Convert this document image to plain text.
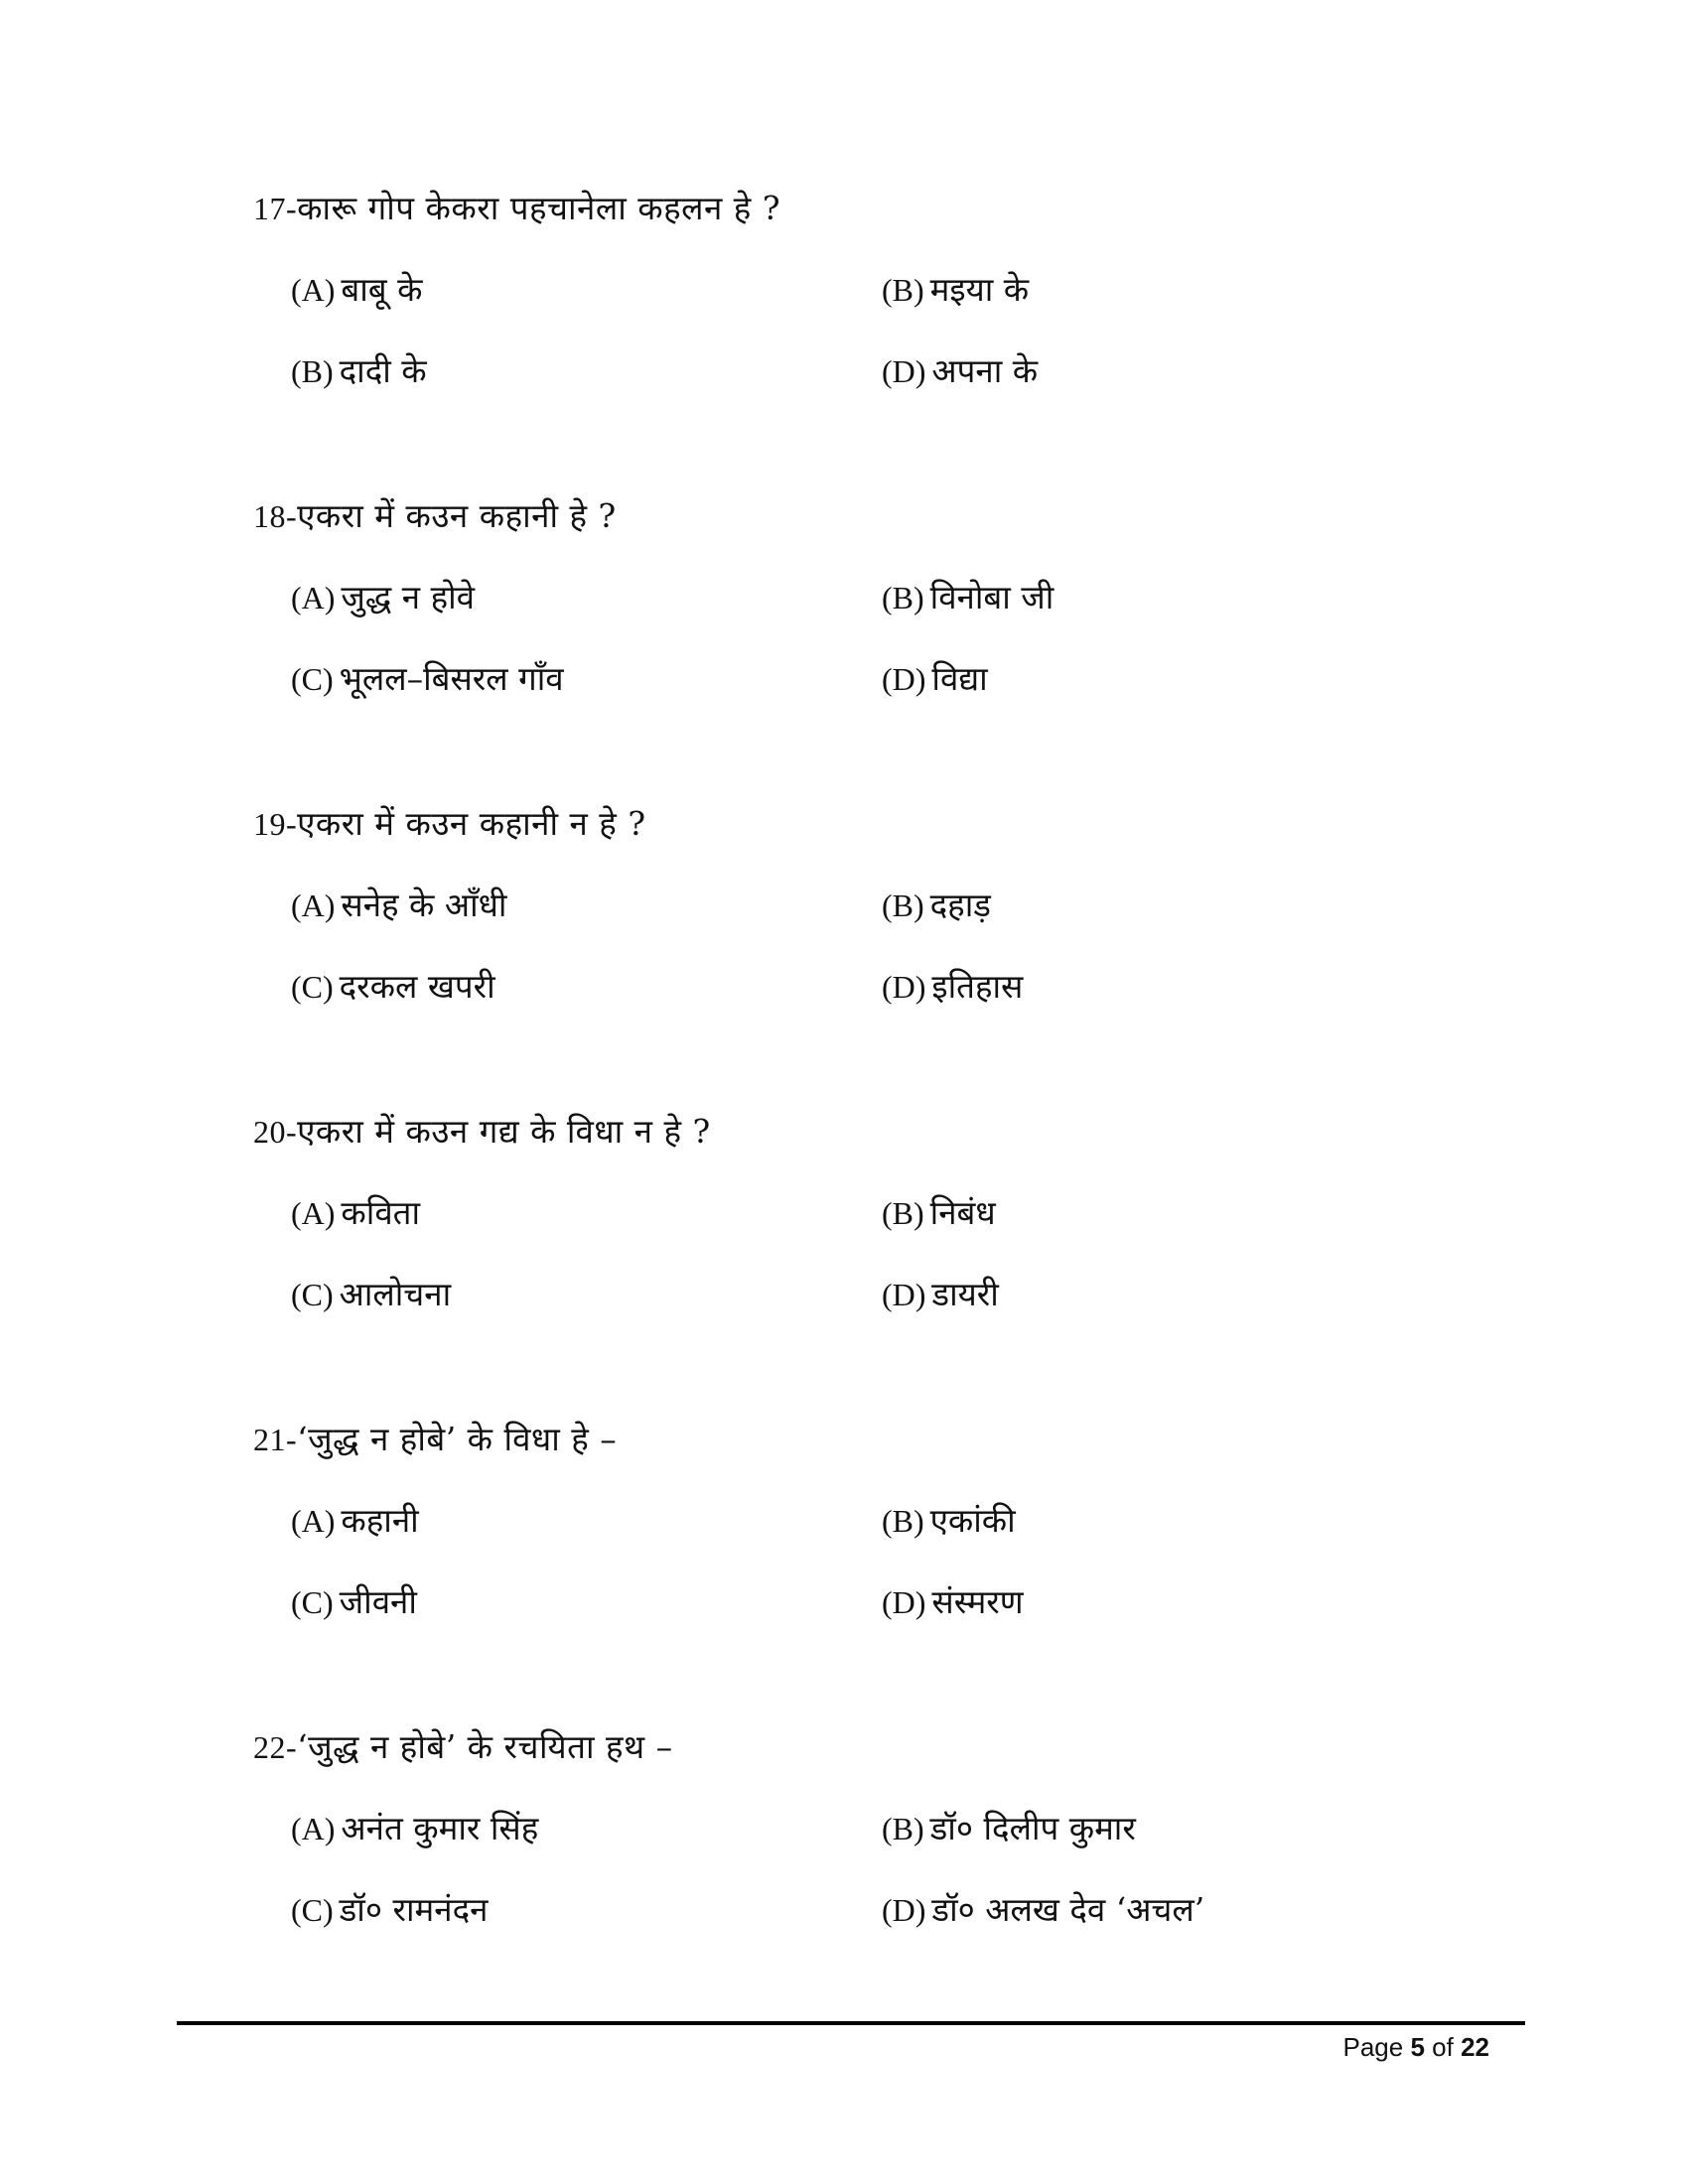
17-कारू गोप केकरा पहचानेला कहलन हे ?
(A) बाबू के	(B) मइया के
(B) दादी के	(D) अपना के
18-एकरा में कउन कहानी हे ?
(A) जुद्ध न होवे	(B) विनोबा जी
(C) भूलल–बिसरल गाँव	(D) विद्या
19-एकरा में कउन कहानी न हे ?
(A) सनेह के आँधी	(B) दहाड़
(C) दरकल खपरी	(D) इतिहास
20-एकरा में कउन गद्य के विधा न हे ?
(A) कविता	(B) निबंध
(C) आलोचना	(D) डायरी
21-‘जुद्ध न होबे’ के विधा हे –
(A) कहानी	(B) एकांकी
(C) जीवनी	(D) संस्मरण
22-‘जुद्ध न होबे’ के रचयिता हथ –
(A) अनंत कुमार सिंह	(B) डॉ० दिलीप कुमार
(C) डॉ० रामनंदन	(D) डॉ० अलख देव ‘अचल’
Page 5 of 22
